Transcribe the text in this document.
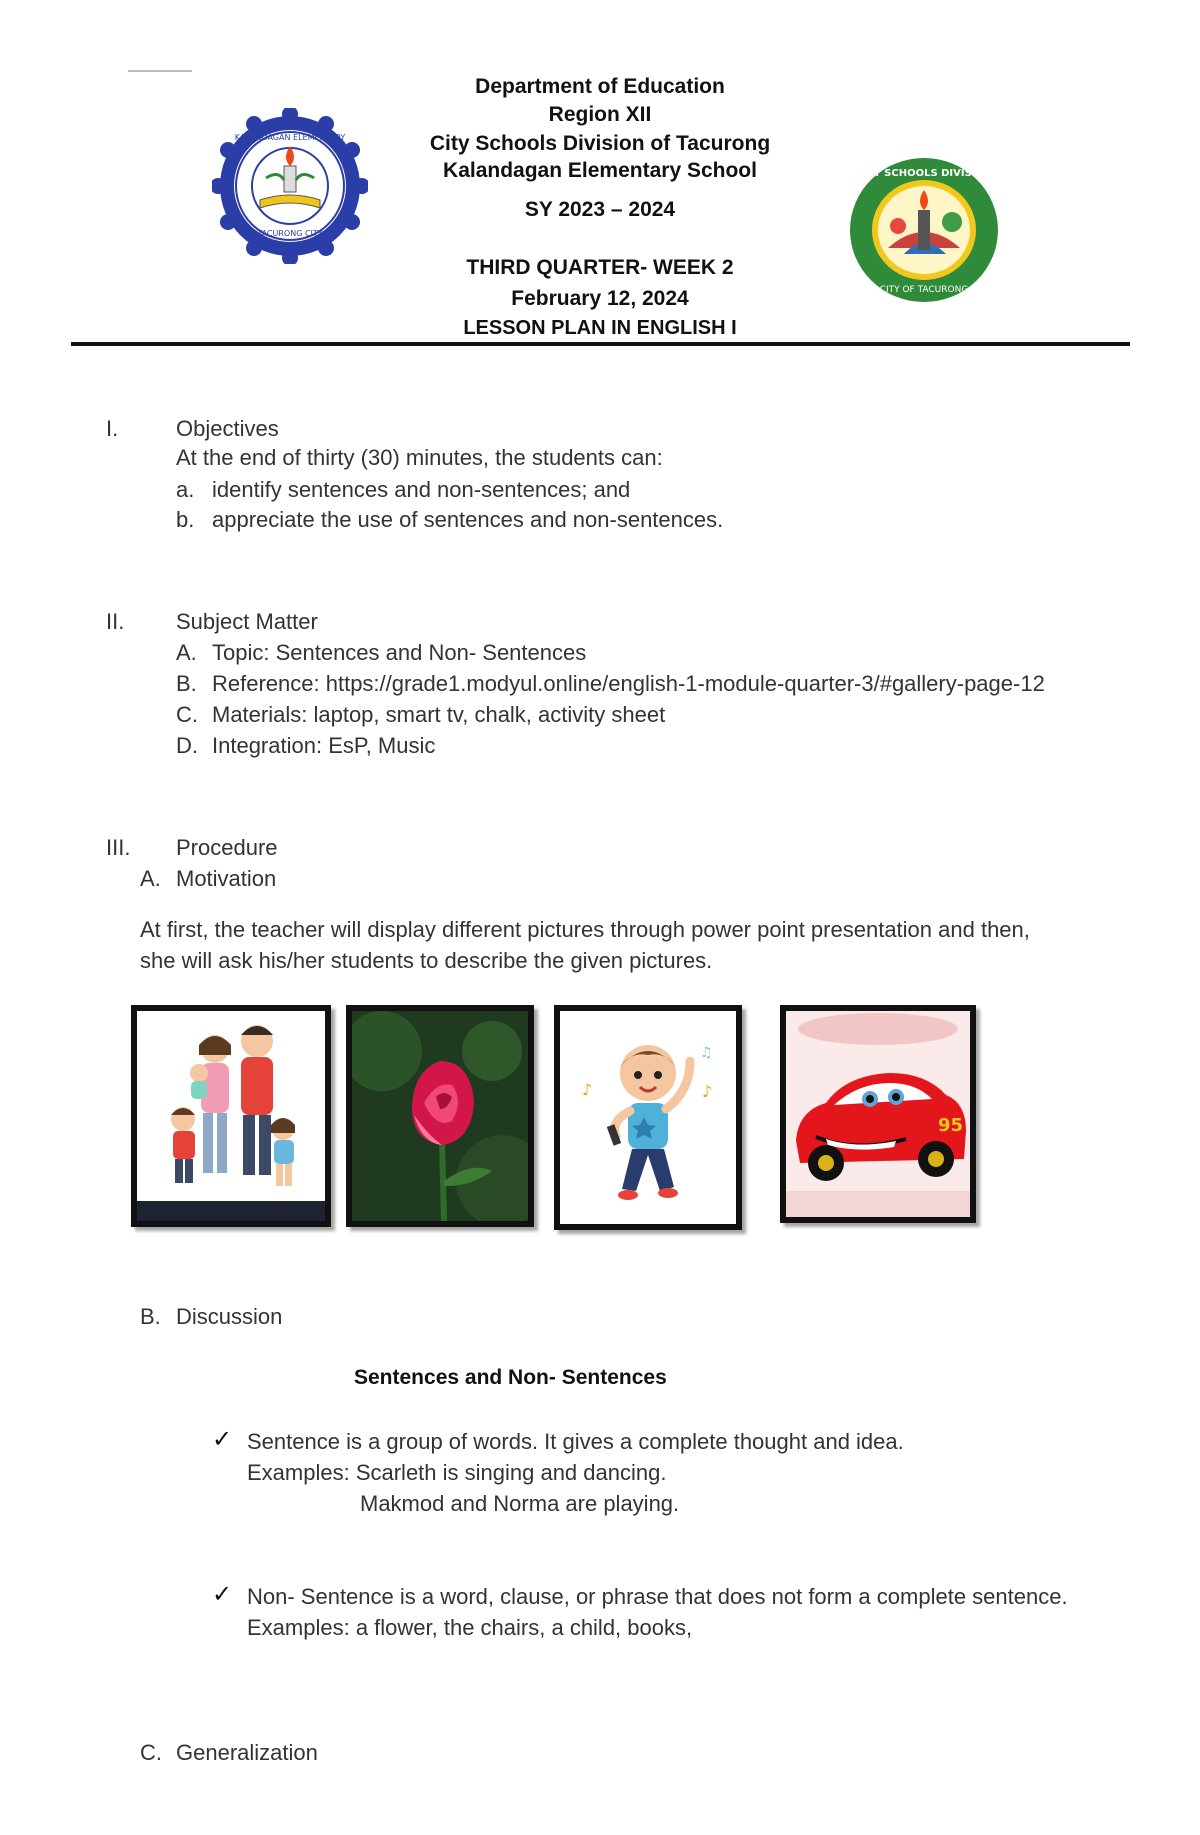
KALANDAGAN ELEMENTARY
TACURONG CITY
CITY SCHOOLS DIVISION
CITY OF TACURONG
Department of Education
Region XII
City Schools Division of Tacurong
Kalandagan Elementary School
SY 2023 – 2024
THIRD QUARTER- WEEK 2
February 12, 2024
LESSON PLAN IN ENGLISH I
I.	Objectives
At the end of thirty (30) minutes, the students can:
a. identify sentences and non-sentences; and
b. appreciate the use of sentences and non-sentences.
II. Subject Matter
A. Topic: Sentences and Non- Sentences
B. Reference: https://grade1.modyul.online/english-1-module-quarter-3/#gallery-page-12
C. Materials: laptop, smart tv, chalk, activity sheet
D. Integration: EsP, Music
III. Procedure
A. Motivation
At first, the teacher will display different pictures through power point presentation and then,
she will ask his/her students to describe the given pictures.
♪	♪
♫
95
B. Discussion
Sentences and Non- Sentences
✓ Sentence is a group of words. It gives a complete thought and idea.
Examples: Scarleth is singing and dancing.
Makmod and Norma are playing.
✓ Non- Sentence is a word, clause, or phrase that does not form a complete sentence.
Examples: a flower, the chairs, a child, books,
C. Generalization
